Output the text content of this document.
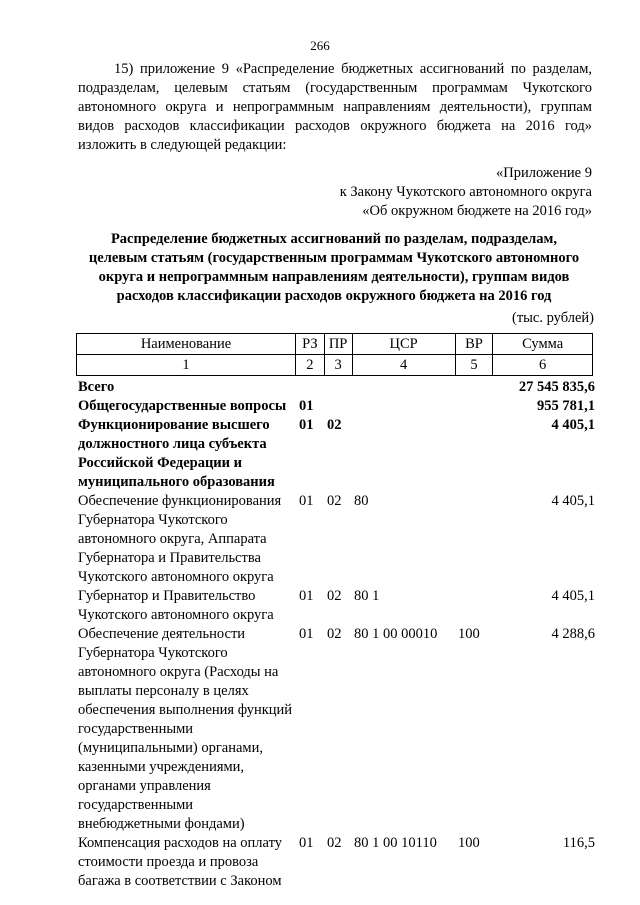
266

15) приложение 9 «Распределение бюджетных ассигнований по разделам, подразделам, целевым статьям (государственным программам Чукотского автономного округа и непрограммным направлениям деятельности), группам видов расходов классификации расходов окружного бюджета на 2016 год» изложить в следующей редакции:

«Приложение 9
к Закону Чукотского автономного округа
«Об окружном бюджете на 2016 год»
Распределение бюджетных ассигнований по разделам, подразделам, целевым статьям (государственным программам Чукотского автономного округа и непрограммным направлениям деятельности), группам видов расходов классификации расходов окружного бюджета на 2016 год
(тыс. рублей)
Наименование	РЗ	ПР	ЦСР	ВР	Сумма
1	2	3	4	5	6
Всего					27 545 835,6
Общегосударственные вопросы	01				955 781,1
Функционирование высшего должностного лица субъекта Российской Федерации и муниципального образования	01	02			4 405,1
Обеспечение функционирования Губернатора Чукотского автономного округа, Аппарата Губернатора и Правительства Чукотского автономного округа	01	02	80		4 405,1
Губернатор и Правительство Чукотского автономного округа	01	02	80 1		4 405,1
Обеспечение деятельности Губернатора Чукотского автономного округа (Расходы на выплаты персоналу в целях обеспечения выполнения функций государственными (муниципальными) органами, казенными учреждениями, органами управления государственными внебюджетными фондами)	01	02	80 1 00 00010	100	4 288,6
Компенсация расходов на оплату стоимости проезда и провоза багажа в соответствии с Законом	01	02	80 1 00 10110	100	116,5
